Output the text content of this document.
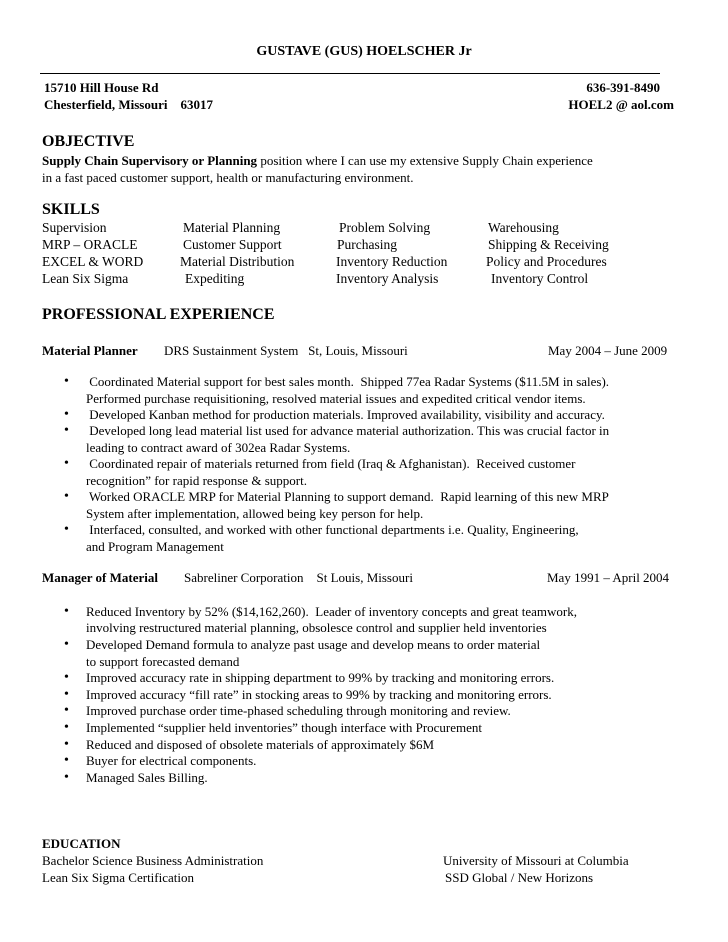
GUSTAVE (GUS) HOELSCHER Jr
15710 Hill House Rd
Chesterfield, Missouri    63017
636-391-8490
HOEL2 @ aol.com
OBJECTIVE
Supply Chain Supervisory or Planning position where I can use my extensive Supply Chain experience
in a fast paced customer support, health or manufacturing environment.
SKILLS
Supervision	Material Planning	Problem Solving	Warehousing
MRP – ORACLE	Customer Support	Purchasing	Shipping & Receiving
EXCEL & WORD	Material Distribution	Inventory Reduction	Policy and Procedures
Lean Six Sigma	Expediting	Inventory Analysis	Inventory Control
PROFESSIONAL EXPERIENCE
Material Planner DRS Sustainment System   St, Louis, Missouri	May 2004 – June 2009
• Coordinated Material support for best sales month.  Shipped 77ea Radar Systems ($11.5M in sales).
Performed purchase requisitioning, resolved material issues and expedited critical vendor items.
• Developed Kanban method for production materials. Improved availability, visibility and accuracy.
• Developed long lead material list used for advance material authorization. This was crucial factor in
leading to contract award of 302ea Radar Systems.
• Coordinated repair of materials returned from field (Iraq & Afghanistan).  Received customer
recognition” for rapid response & support.
• Worked ORACLE MRP for Material Planning to support demand.  Rapid learning of this new MRP
System after implementation, allowed being key person for help.
• Interfaced, consulted, and worked with other functional departments i.e. Quality, Engineering,
and Program Management
Manager of Material Sabreliner Corporation    St Louis, Missouri	May 1991 – April 2004
• Reduced Inventory by 52% ($14,162,260).  Leader of inventory concepts and great teamwork,
involving restructured material planning, obsolesce control and supplier held inventories
• Developed Demand formula to analyze past usage and develop means to order material
to support forecasted demand
• Improved accuracy rate in shipping department to 99% by tracking and monitoring errors.
• Improved accuracy “fill rate” in stocking areas to 99% by tracking and monitoring errors.
• Improved purchase order time-phased scheduling through monitoring and review.
• Implemented “supplier held inventories” though interface with Procurement
• Reduced and disposed of obsolete materials of approximately $6M
• Buyer for electrical components.
• Managed Sales Billing.
EDUCATION
Bachelor Science Business Administration	University of Missouri at Columbia
Lean Six Sigma Certification	SSD Global / New Horizons
